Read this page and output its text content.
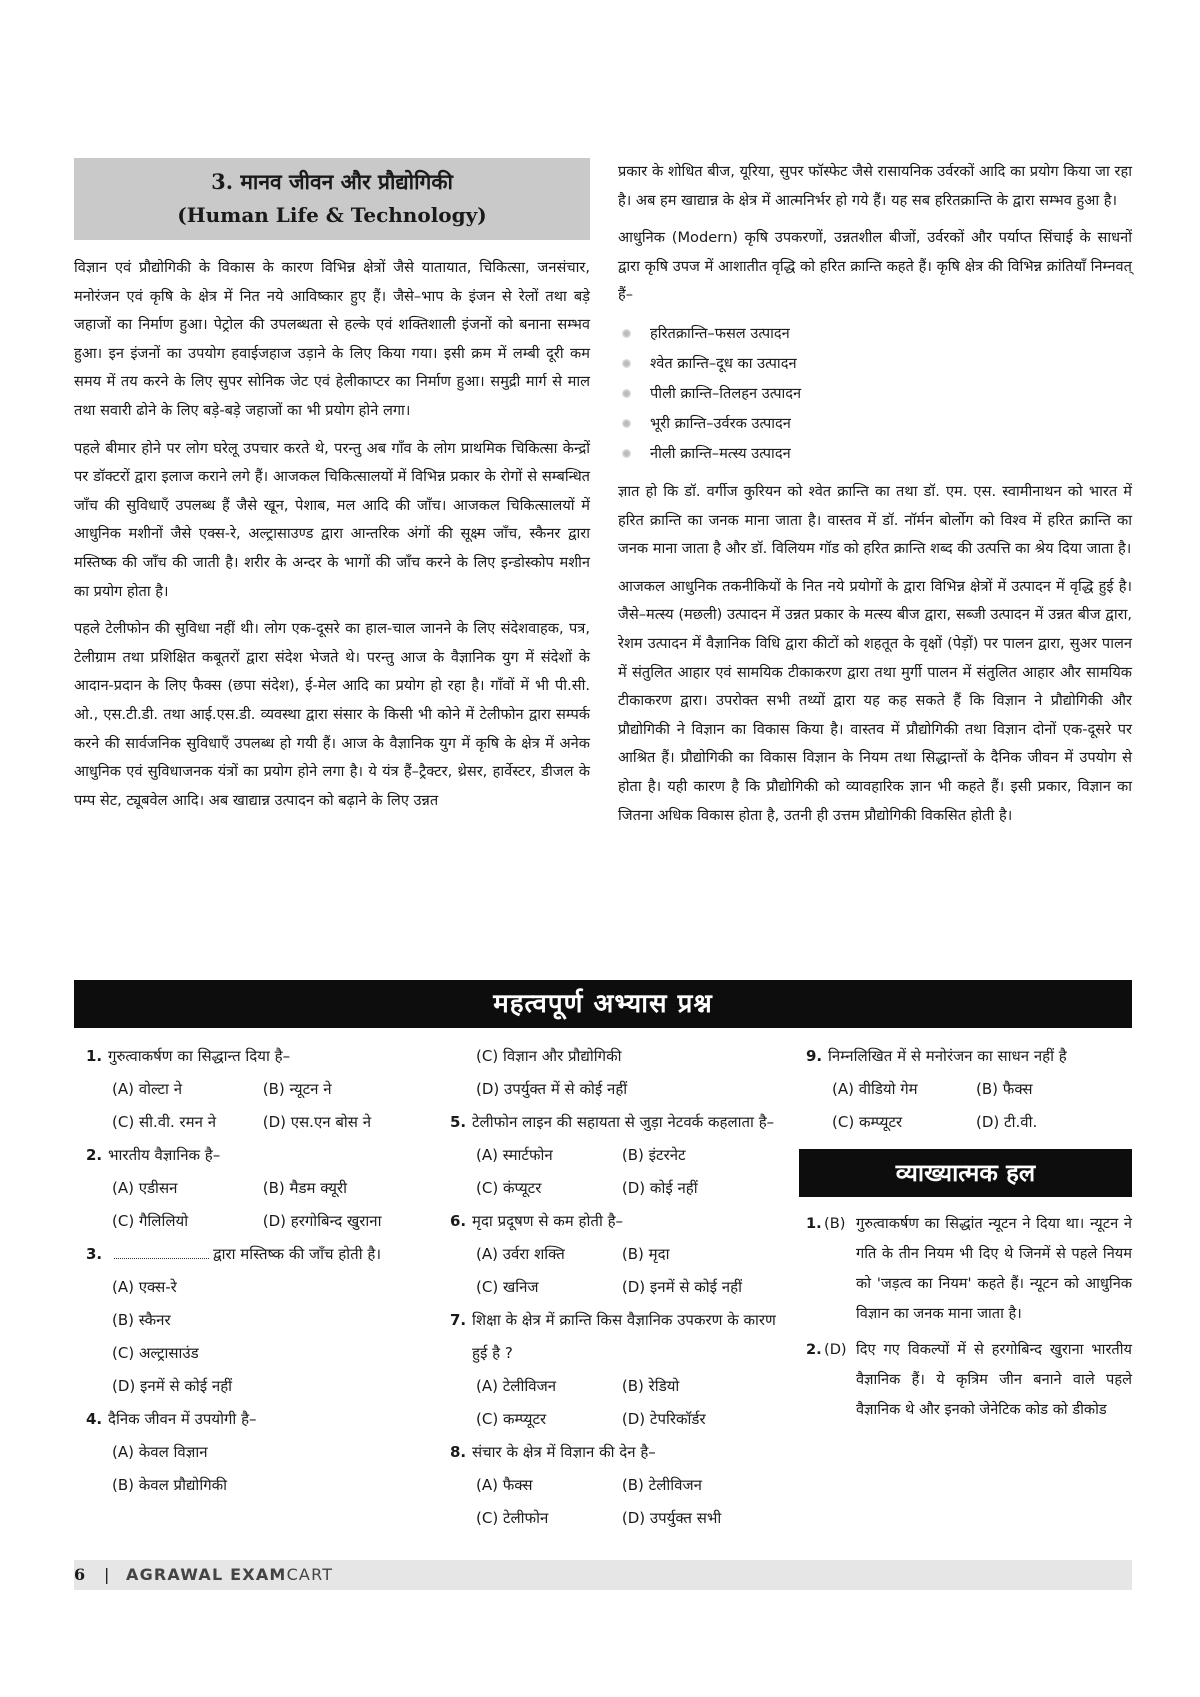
3. मानव जीवन और प्रौद्योगिकी
(Human Life & Technology)

विज्ञान एवं प्रौद्योगिकी के विकास के कारण विभिन्न क्षेत्रों जैसे यातायात, चिकित्सा, जनसंचार, मनोरंजन एवं कृषि के क्षेत्र में नित नये आविष्कार हुए हैं। जैसे–भाप के इंजन से रेलों तथा बड़े जहाजों का निर्माण हुआ। पेट्रोल की उपलब्धता से हल्के एवं शक्तिशाली इंजनों को बनाना सम्भव हुआ। इन इंजनों का उपयोग हवाईजहाज उड़ाने के लिए किया गया। इसी क्रम में लम्बी दूरी कम समय में तय करने के लिए सुपर सोनिक जेट एवं हेलीकाप्टर का निर्माण हुआ। समुद्री मार्ग से माल तथा सवारी ढोने के लिए बड़े-बड़े जहाजों का भी प्रयोग होने लगा।

पहले बीमार होने पर लोग घरेलू उपचार करते थे, परन्तु अब गाँव के लोग प्राथमिक चिकित्सा केन्द्रों पर डॉक्टरों द्वारा इलाज कराने लगे हैं। आजकल चिकित्सालयों में विभिन्न प्रकार के रोगों से सम्बन्धित जाँच की सुविधाएँ उपलब्ध हैं जैसे खून, पेशाब, मल आदि की जाँच। आजकल चिकित्सालयों में आधुनिक मशीनों जैसे एक्स-रे, अल्ट्रासाउण्ड द्वारा आन्तरिक अंगों की सूक्ष्म जाँच, स्कैनर द्वारा मस्तिष्क की जाँच की जाती है। शरीर के अन्दर के भागों की जाँच करने के लिए इन्डोस्कोप मशीन का प्रयोग होता है।

पहले टेलीफोन की सुविधा नहीं थी। लोग एक-दूसरे का हाल-चाल जानने के लिए संदेशवाहक, पत्र, टेलीग्राम तथा प्रशिक्षित कबूतरों द्वारा संदेश भेजते थे। परन्तु आज के वैज्ञानिक युग में संदेशों के आदान-प्रदान के लिए फैक्स (छपा संदेश), ई-मेल आदि का प्रयोग हो रहा है। गाँवों में भी पी.सी. ओ., एस.टी.डी. तथा आई.एस.डी. व्यवस्था द्वारा संसार के किसी भी कोने में टेलीफोन द्वारा सम्पर्क करने की सार्वजनिक सुविधाएँ उपलब्ध हो गयी हैं। आज के वैज्ञानिक युग में कृषि के क्षेत्र में अनेक आधुनिक एवं सुविधाजनक यंत्रों का प्रयोग होने लगा है। ये यंत्र हैं–ट्रैक्टर, थ्रेसर, हार्वेस्टर, डीजल के पम्प सेट, ट्यूबवेल आदि। अब खाद्यान्न उत्पादन को बढ़ाने के लिए उन्नत

प्रकार के शोधित बीज, यूरिया, सुपर फॉस्फेट जैसे रासायनिक उर्वरकों आदि का प्रयोग किया जा रहा है। अब हम खाद्यान्न के क्षेत्र में आत्मनिर्भर हो गये हैं। यह सब हरितक्रान्ति के द्वारा सम्भव हुआ है।

आधुनिक (Modern) कृषि उपकरणों, उन्नतशील बीजों, उर्वरकों और पर्याप्त सिंचाई के साधनों द्वारा कृषि उपज में आशातीत वृद्धि को हरित क्रान्ति कहते हैं। कृषि क्षेत्र की विभिन्न क्रांतियाँ निम्नवत् हैं–

हरितक्रान्ति–फसल उत्पादन
श्वेत क्रान्ति–दूध का उत्पादन
पीली क्रान्ति–तिलहन उत्पादन
भूरी क्रान्ति–उर्वरक उत्पादन
नीली क्रान्ति–मत्स्य उत्पादन

ज्ञात हो कि डॉ. वर्गीज कुरियन को श्वेत क्रान्ति का तथा डॉ. एम. एस. स्वामीनाथन को भारत में हरित क्रान्ति का जनक माना जाता है। वास्तव में डॉ. नॉर्मन बोर्लोग को विश्व में हरित क्रान्ति का जनक माना जाता है और डॉ. विलियम गॉड को हरित क्रान्ति शब्द की उत्पत्ति का श्रेय दिया जाता है।

आजकल आधुनिक तकनीकियों के नित नये प्रयोगों के द्वारा विभिन्न क्षेत्रों में उत्पादन में वृद्धि हुई है। जैसे–मत्स्य (मछली) उत्पादन में उन्नत प्रकार के मत्स्य बीज द्वारा, सब्जी उत्पादन में उन्नत बीज द्वारा, रेशम उत्पादन में वैज्ञानिक विधि द्वारा कीटों को शहतूत के वृक्षों (पेड़ों) पर पालन द्वारा, सुअर पालन में संतुलित आहार एवं सामयिक टीकाकरण द्वारा तथा मुर्गी पालन में संतुलित आहार और सामयिक टीकाकरण द्वारा। उपरोक्त सभी तथ्यों द्वारा यह कह सकते हैं कि विज्ञान ने प्रौद्योगिकी और प्रौद्योगिकी ने विज्ञान का विकास किया है। वास्तव में प्रौद्योगिकी तथा विज्ञान दोनों एक-दूसरे पर आश्रित हैं। प्रौद्योगिकी का विकास विज्ञान के नियम तथा सिद्धान्तों के दैनिक जीवन में उपयोग से होता है। यही कारण है कि प्रौद्योगिकी को व्यावहारिक ज्ञान भी कहते हैं। इसी प्रकार, विज्ञान का जितना अधिक विकास होता है, उतनी ही उत्तम प्रौद्योगिकी विकसित होती है।

महत्वपूर्ण अभ्यास प्रश्न
1. गुरुत्वाकर्षण का सिद्धान्त दिया है–
(A) वोल्टा ने	(B) न्यूटन ने
(C) सी.वी. रमन ने	(D) एस.एन बोस ने
2. भारतीय वैज्ञानिक है–
(A) एडीसन	(B) मैडम क्यूरी
(C) गैलिलियो	(D) हरगोबिन्द खुराना
3.	द्वारा मस्तिष्क की जाँच होती है।
(A) एक्स-रे
(B) स्कैनर
(C) अल्ट्रासाउंड
(D) इनमें से कोई नहीं
4. दैनिक जीवन में उपयोगी है–
(A) केवल विज्ञान
(B) केवल प्रौद्योगिकी
(C) विज्ञान और प्रौद्योगिकी
(D) उपर्युक्त में से कोई नहीं
5. टेलीफोन लाइन की सहायता से जुड़ा नेटवर्क कहलाता है–
(A) स्मार्टफोन	(B) इंटरनेट
(C) कंप्यूटर	(D) कोई नहीं
6. मृदा प्रदूषण से कम होती है–
(A) उर्वरा शक्ति	(B) मृदा
(C) खनिज	(D) इनमें से कोई नहीं
7. शिक्षा के क्षेत्र में क्रान्ति किस वैज्ञानिक उपकरण के कारण हुई है ?
(A) टेलीविजन	(B) रेडियो
(C) कम्प्यूटर	(D) टेपरिकॉर्डर
8. संचार के क्षेत्र में विज्ञान की देन है–
(A) फैक्स	(B) टेलीविजन
(C) टेलीफोन	(D) उपर्युक्त सभी
9. निम्नलिखित में से मनोरंजन का साधन नहीं है
(A) वीडियो गेम	(B) फैक्स
(C) कम्प्यूटर	(D) टी.वी.
व्याख्यात्मक हल
1. (B) गुरुत्वाकर्षण का सिद्धांत न्यूटन ने दिया था। न्यूटन ने गति के तीन नियम भी दिए थे जिनमें से पहले नियम को 'जड़त्व का नियम' कहते हैं। न्यूटन को आधुनिक विज्ञान का जनक माना जाता है।
2. (D) दिए गए विकल्पों में से हरगोबिन्द खुराना भारतीय वैज्ञानिक हैं। ये कृत्रिम जीन बनाने वाले पहले वैज्ञानिक थे और इनको जेनेटिक कोड को डीकोड
6 | AGRAWAL EXAMCART
